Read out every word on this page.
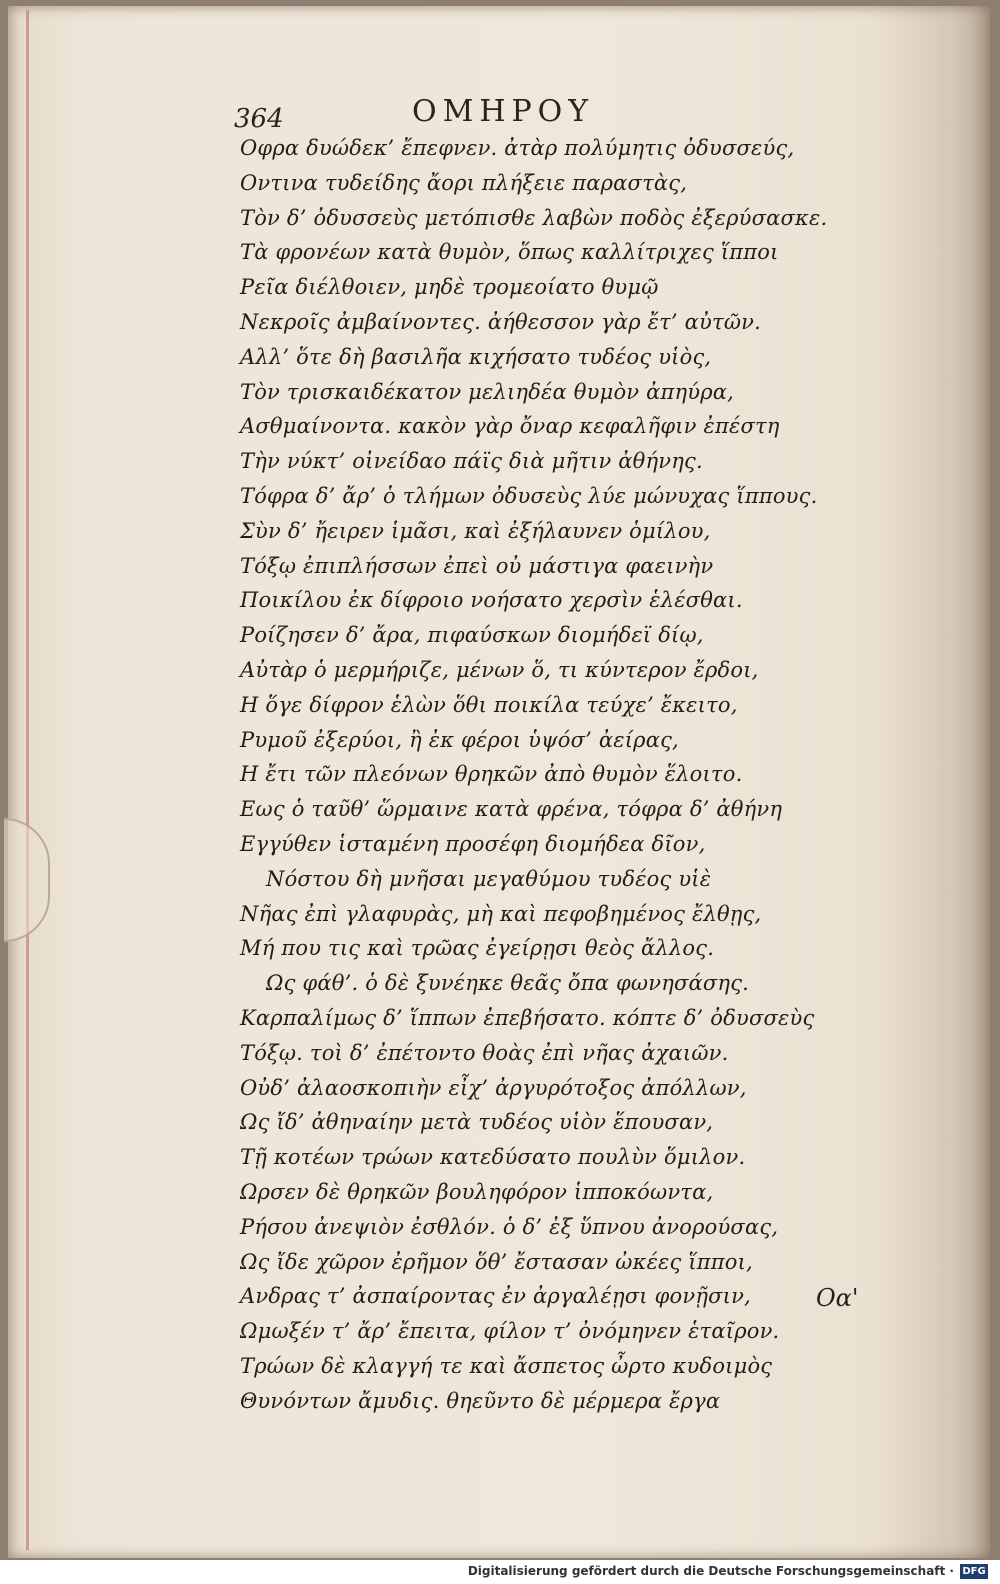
364	ΟΜΗΡΟΥ
Οφρα δυώδεκ’ ἔπεφνεν. ἀτὰρ πολύμητις ὀδυσσεύς,
Οντινα τυδείδης ἄορι πλήξειε παραστὰς,
Τὸν δ’ ὀδυσσεὺς μετόπισθε λαβὼν ποδὸς ἐξερύσασκε.
Τὰ φρονέων κατὰ θυμὸν, ὅπως καλλίτριχες ἵπποι
Ρεῖα διέλθοιεν, μηδὲ τρομεοίατο θυμῷ
Νεκροῖς ἀμβαίνοντες. ἀήθεσσον γὰρ ἔτ’ αὐτῶν.
Αλλ’ ὅτε δὴ βασιλῆα κιχήσατο τυδέος υἱὸς,
Τὸν τρισκαιδέκατον μελιηδέα θυμὸν ἀπηύρα,
Ασθμαίνοντα. κακὸν γὰρ ὄναρ κεφαλῆφιν ἐπέστη
Τὴν νύκτ’ οἰνείδαο πάϊς διὰ μῆτιν ἀθήνης.
Τόφρα δ’ ἄρ’ ὁ τλήμων ὀδυσεὺς λύε μώνυχας ἵππους.
Σὺν δ’ ἤειρεν ἱμᾶσι, καὶ ἐξήλαυνεν ὁμίλου,
Τόξῳ ἐπιπλήσσων ἐπεὶ οὐ μάστιγα φαεινὴν
Ποικίλου ἐκ δίφροιο νοήσατο χερσὶν ἑλέσθαι.
Ροίζησεν δ’ ἄρα, πιφαύσκων διομήδεϊ δίῳ,
Αὐτὰρ ὁ μερμήριζε, μένων ὅ, τι κύντερον ἔρδοι,
Η ὅγε δίφρον ἑλὼν ὅθι ποικίλα τεύχε’ ἔκειτο,
Ρυμοῦ ἐξερύοι, ἢ ἐκ φέροι ὑψόσ’ ἀείρας,
Η ἔτι τῶν πλεόνων θρηκῶν ἀπὸ θυμὸν ἕλοιτο.
Εως ὁ ταῦθ’ ὥρμαινε κατὰ φρένα, τόφρα δ’ ἀθήνη
Εγγύθεν ἱσταμένη προσέφη διομήδεα δῖον,
Νόστου δὴ μνῆσαι μεγαθύμου τυδέος υἱὲ
Νῆας ἐπὶ γλαφυρὰς, μὴ καὶ πεφοβημένος ἔλθῃς,
Μή που τις καὶ τρῶας ἐγείρῃσι θεὸς ἄλλος.
Ως φάθ’. ὁ δὲ ξυνέηκε θεᾶς ὄπα φωνησάσης.
Καρπαλίμως δ’ ἵππων ἐπεβήσατο. κόπτε δ’ ὀδυσσεὺς
Τόξῳ. τοὶ δ’ ἐπέτοντο θοὰς ἐπὶ νῆας ἀχαιῶν.
Οὐδ’ ἀλαοσκοπιὴν εἶχ’ ἀργυρότοξος ἀπόλλων,
Ως ἴδ’ ἀθηναίην μετὰ τυδέος υἱὸν ἕπουσαν,
Τῇ κοτέων τρώων κατεδύσατο πουλὺν ὅμιλον.
Ωρσεν δὲ θρηκῶν βουληφόρον ἱπποκόωντα,
Ρήσου ἀνεψιὸν ἐσθλόν. ὁ δ’ ἐξ ὕπνου ἀνορούσας,
Ως ἴδε χῶρον ἐρῆμον ὅθ’ ἔστασαν ὠκέες ἵπποι,
Ανδρας τ’ ἀσπαίροντας ἐν ἀργαλέῃσι φονῇσιν,
Ωμωξέν τ’ ἄρ’ ἔπειτα, φίλον τ’ ὀνόμηνεν ἑταῖρον.
Τρώων δὲ κλαγγή τε καὶ ἄσπετος ὦρτο κυδοιμὸς
Θυνόντων ἄμυδις. θηεῦντο δὲ μέρμερα ἔργα
Οα'
Digitalisierung gefördert durch die Deutsche Forschungsgemeinschaft · DFG
